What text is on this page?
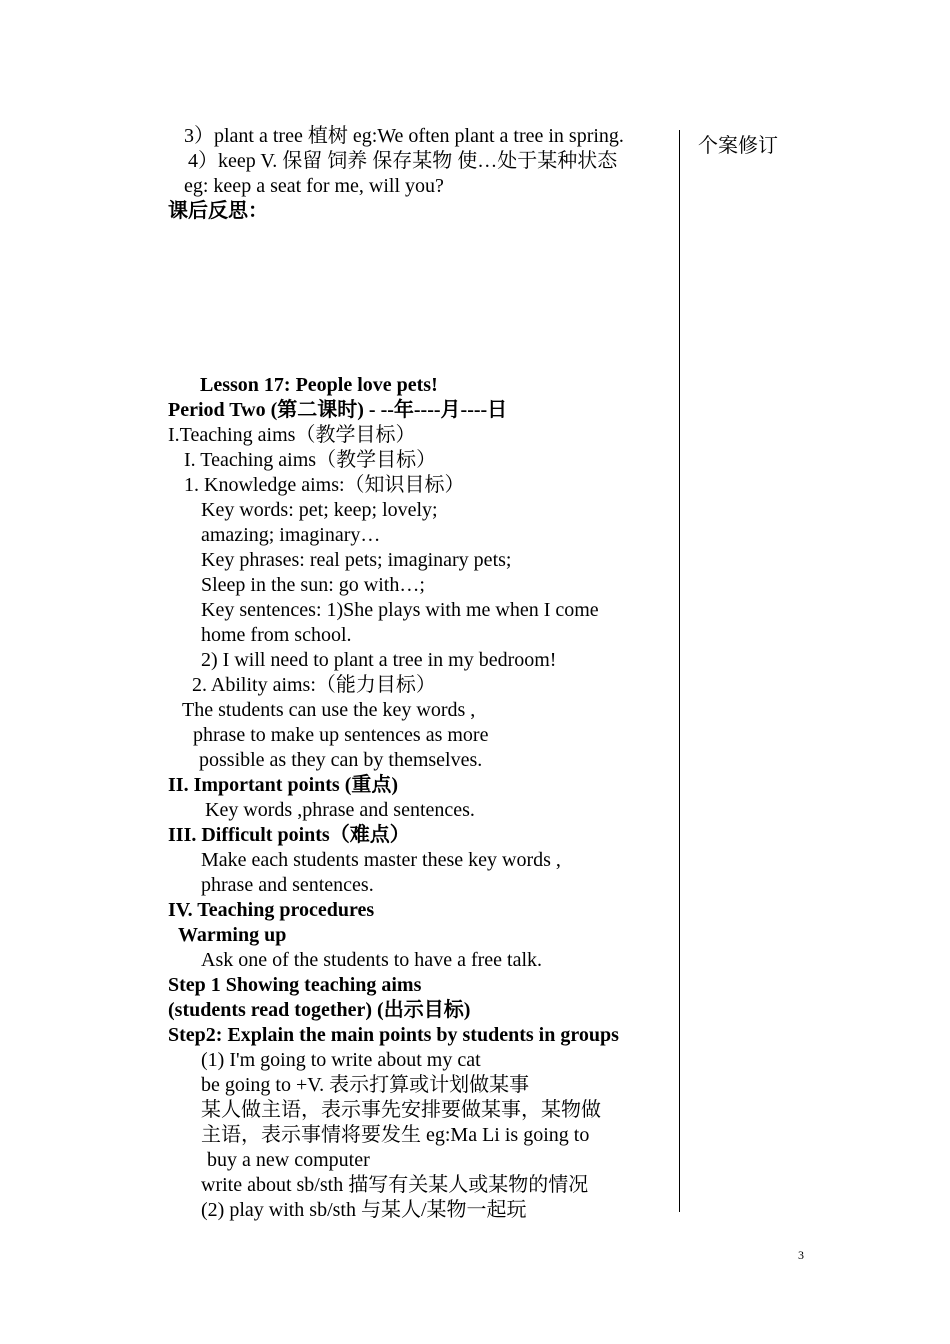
3）plant a tree 植树 eg:We often plant a tree in spring.
4）keep V. 保留 饲养 保存某物 使…处于某种状态
eg: keep a seat for me, will you?
课后反思：
Lesson 17: People love pets!
Period Two (第二课时) - --年----月----日
I.Teaching aims（教学目标）
I. Teaching aims（教学目标）
1. Knowledge aims:（知识目标）
Key words: pet; keep; lovely;
amazing; imaginary…
Key phrases: real pets; imaginary pets;
Sleep in the sun: go with…;
Key sentences: 1)She plays with me when I come
home from school.
2) I will need to plant a tree in my bedroom!
2. Ability aims:（能力目标）
The students can use the key words ,
phrase to make up sentences as more
possible as they can by themselves.
II. Important points (重点)
Key words ,phrase and sentences.
III. Difficult points（难点）
Make each students master these key words ,
phrase and sentences.
IV. Teaching procedures
Warming up
Ask one of the students to have a free talk.
Step 1 Showing teaching aims
(students read together) (出示目标)
Step2: Explain the main points by students in groups
(1) I'm going to write about my cat
be going to +V. 表示打算或计划做某事
某人做主语，表示事先安排要做某事，某物做
主语，表示事情将要发生 eg:Ma Li is going to
buy a new computer
write about sb/sth 描写有关某人或某物的情况
(2) play with sb/sth 与某人/某物一起玩
个案修订
3
